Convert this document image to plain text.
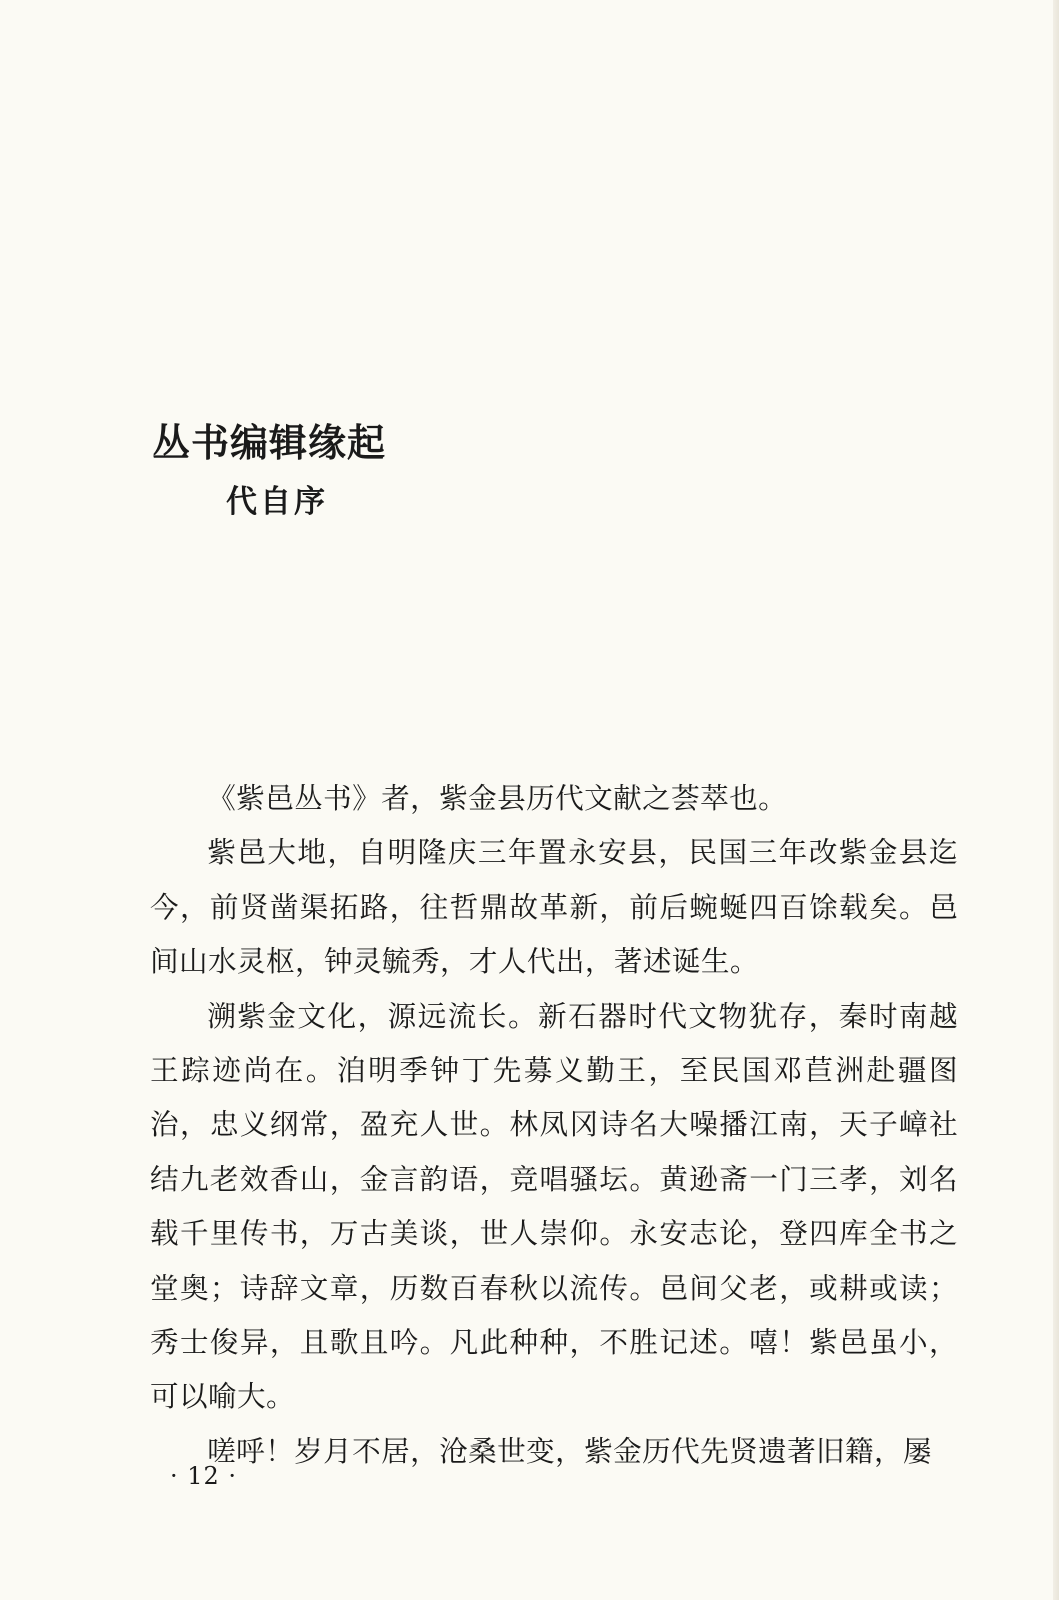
丛书编辑缘起
代自序

《紫邑丛书》者，紫金县历代文献之荟萃也。

紫邑大地，自明隆庆三年置永安县，民国三年改紫金县迄今，前贤凿渠拓路，往哲鼎故革新，前后蜿蜒四百馀载矣。邑间山水灵枢，钟灵毓秀，才人代出，著述诞生。

溯紫金文化，源远流长。新石器时代文物犹存，秦时南越王踪迹尚在。洎明季钟丁先募义勤王，至民国邓苣洲赴疆图治，忠义纲常，盈充人世。林凤冈诗名大噪播江南，天子嶂社结九老效香山，金言韵语，竞唱骚坛。黄逊斋一门三孝，刘名载千里传书，万古美谈，世人崇仰。永安志论，登四库全书之堂奥；诗辞文章，历数百春秋以流传。邑间父老，或耕或读；秀士俊异，且歌且吟。凡此种种，不胜记述。嘻！紫邑虽小，可以喻大。

嗟呼！岁月不居，沧桑世变，紫金历代先贤遗著旧籍，屡

· 12 ·
